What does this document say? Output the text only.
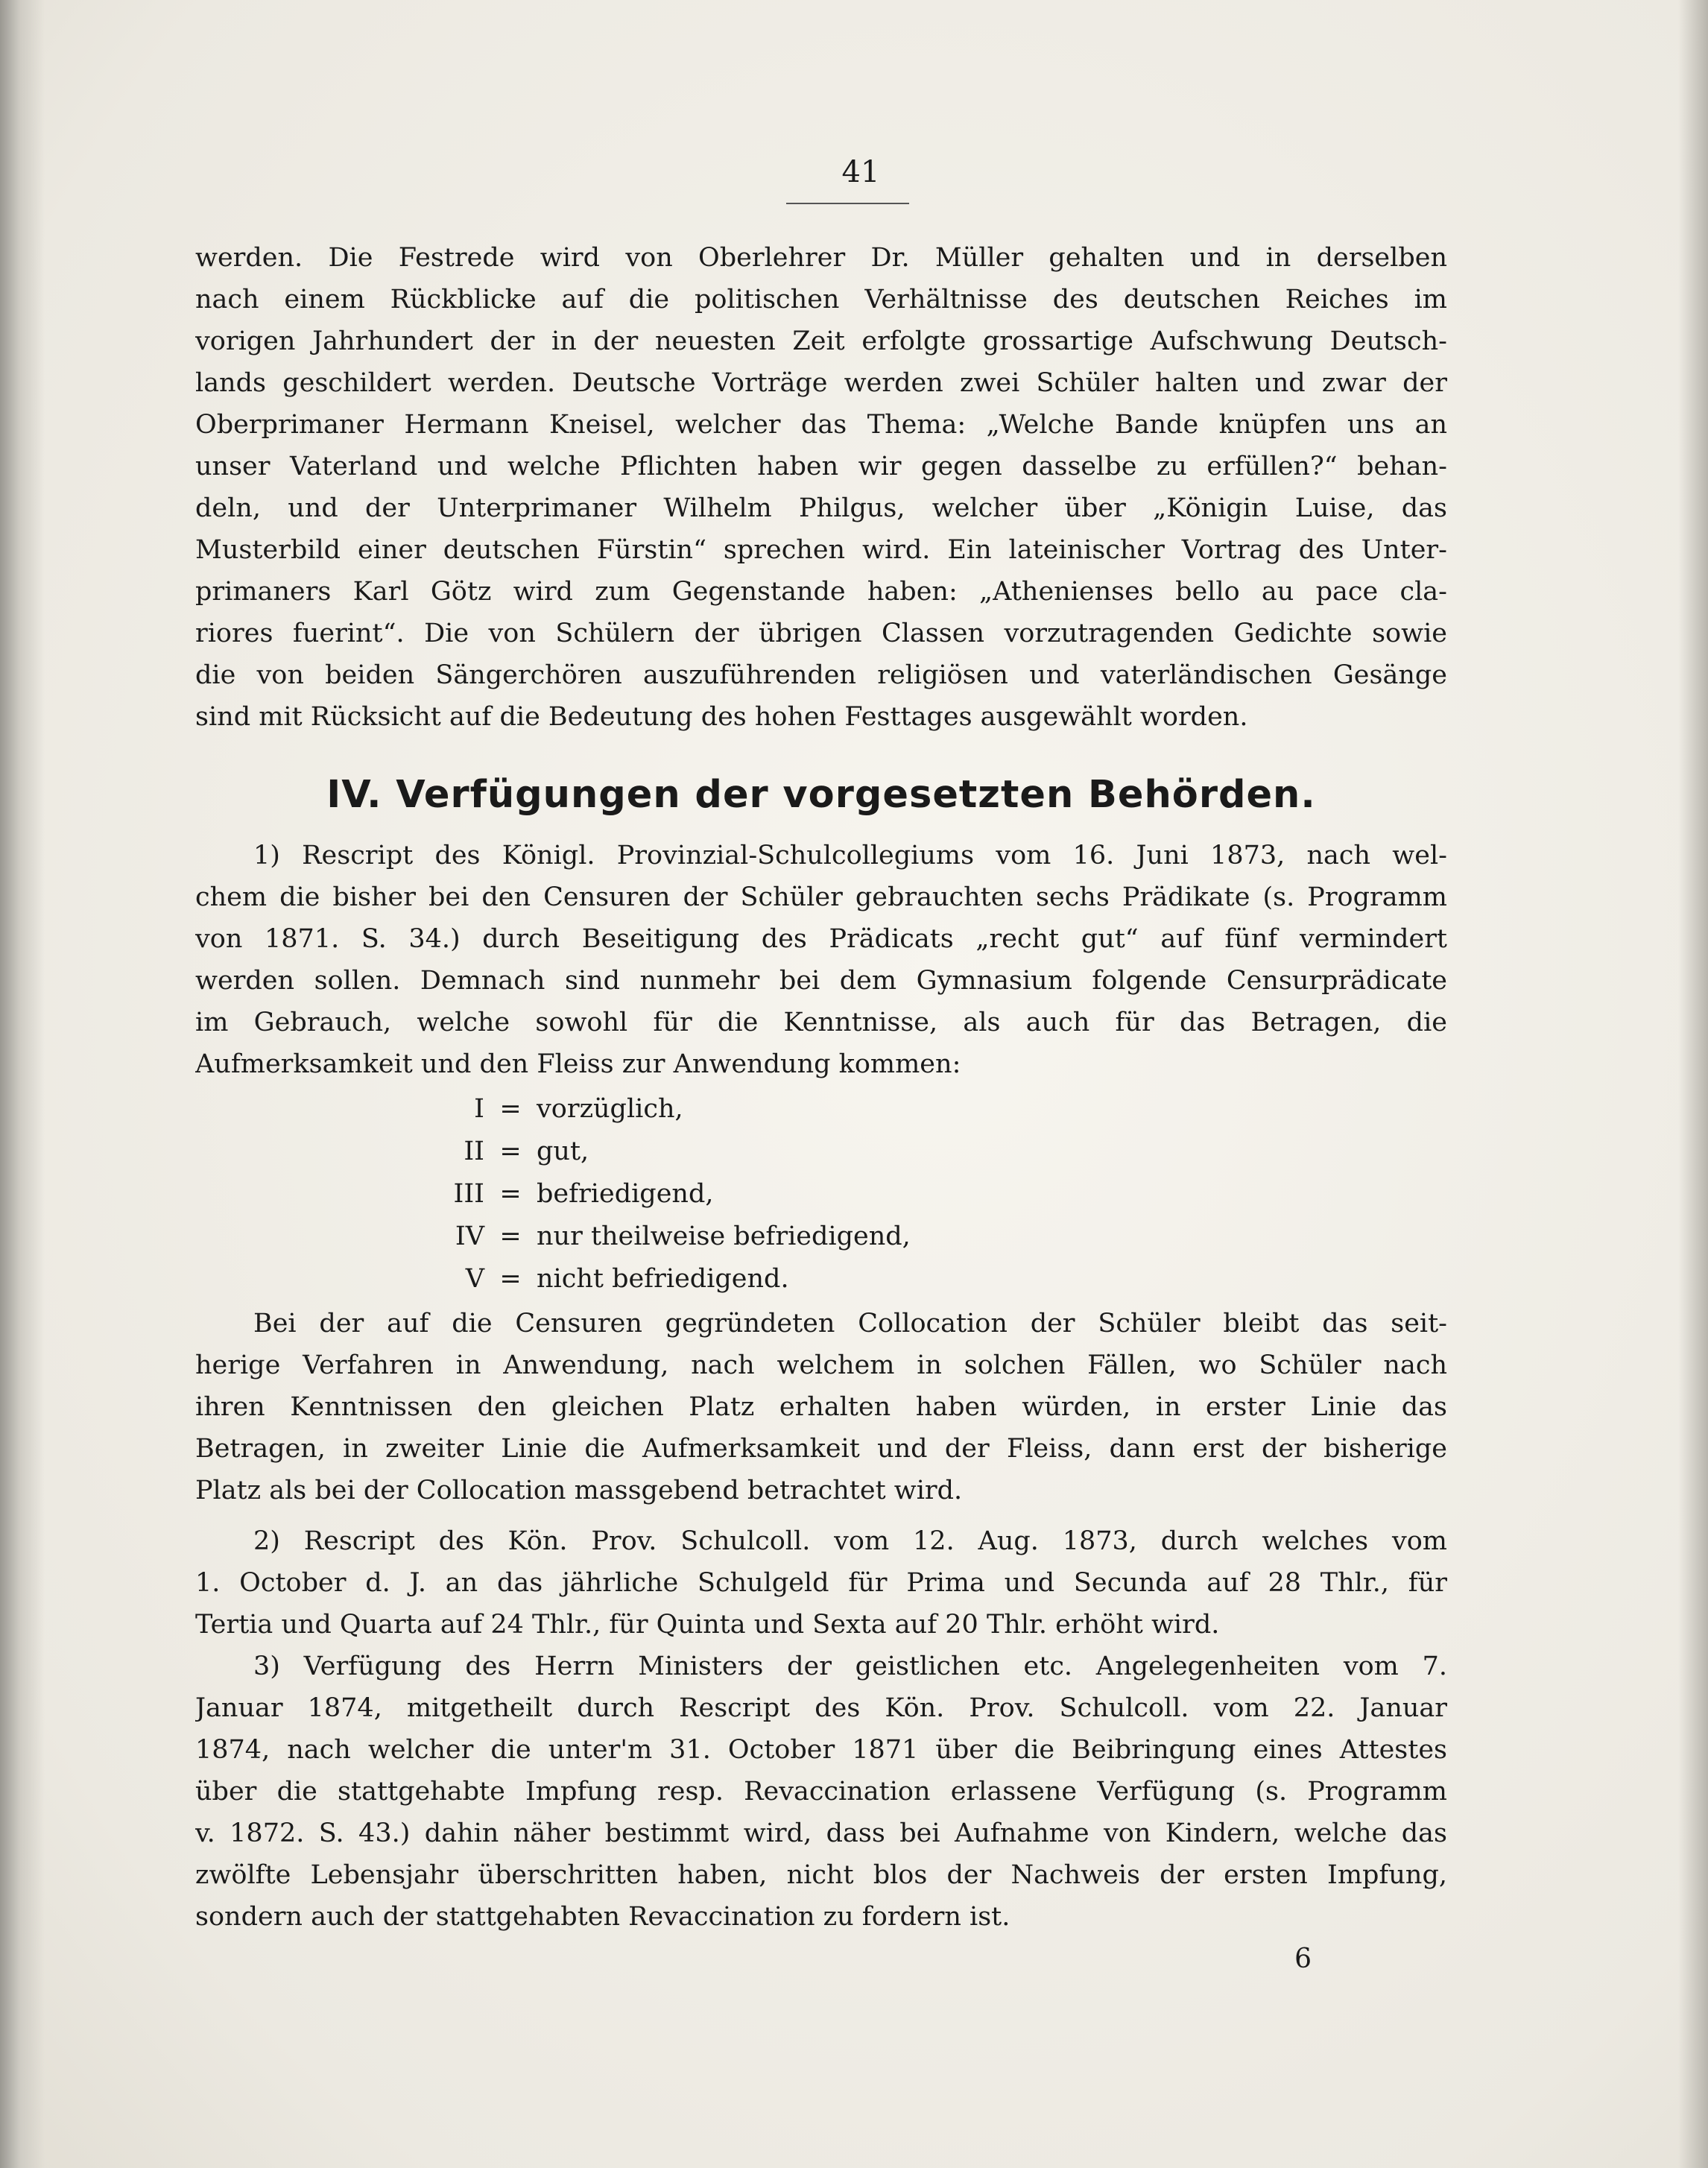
41
werden. Die Festrede wird von Oberlehrer Dr. Müller gehalten und in derselben
nach einem Rückblicke auf die politischen Verhältnisse des deutschen Reiches im
vorigen Jahrhundert der in der neuesten Zeit erfolgte grossartige Aufschwung Deutsch-
lands geschildert werden. Deutsche Vorträge werden zwei Schüler halten und zwar der
Oberprimaner Hermann Kneisel, welcher das Thema: „Welche Bande knüpfen uns an
unser Vaterland und welche Pflichten haben wir gegen dasselbe zu erfüllen?“ behan-
deln, und der Unterprimaner Wilhelm Philgus, welcher über „Königin Luise, das
Musterbild einer deutschen Fürstin“ sprechen wird. Ein lateinischer Vortrag des Unter-
primaners Karl Götz wird zum Gegenstande haben: „Athenienses bello au pace cla-
riores fuerint“. Die von Schülern der übrigen Classen vorzutragenden Gedichte sowie
die von beiden Sängerchören auszuführenden religiösen und vaterländischen Gesänge
sind mit Rücksicht auf die Bedeutung des hohen Festtages ausgewählt worden.
IV. Verfügungen der vorgesetzten Behörden.
1) Rescript des Königl. Provinzial-Schulcollegiums vom 16. Juni 1873, nach wel-
chem die bisher bei den Censuren der Schüler gebrauchten sechs Prädikate (s. Programm
von 1871. S. 34.) durch Beseitigung des Prädicats „recht gut“ auf fünf vermindert
werden sollen. Demnach sind nunmehr bei dem Gymnasium folgende Censurprädicate
im Gebrauch, welche sowohl für die Kenntnisse, als auch für das Betragen, die
Aufmerksamkeit und den Fleiss zur Anwendung kommen:
I = vorzüglich,
II = gut,
III = befriedigend,
IV = nur theilweise befriedigend,
V = nicht befriedigend.
Bei der auf die Censuren gegründeten Collocation der Schüler bleibt das seit-
herige Verfahren in Anwendung, nach welchem in solchen Fällen, wo Schüler nach
ihren Kenntnissen den gleichen Platz erhalten haben würden, in erster Linie das
Betragen, in zweiter Linie die Aufmerksamkeit und der Fleiss, dann erst der bisherige
Platz als bei der Collocation massgebend betrachtet wird.
2) Rescript des Kön. Prov. Schulcoll. vom 12. Aug. 1873, durch welches vom
1. October d. J. an das jährliche Schulgeld für Prima und Secunda auf 28 Thlr., für
Tertia und Quarta auf 24 Thlr., für Quinta und Sexta auf 20 Thlr. erhöht wird.
3) Verfügung des Herrn Ministers der geistlichen etc. Angelegenheiten vom 7.
Januar 1874, mitgetheilt durch Rescript des Kön. Prov. Schulcoll. vom 22. Januar
1874, nach welcher die unter'm 31. October 1871 über die Beibringung eines Attestes
über die stattgehabte Impfung resp. Revaccination erlassene Verfügung (s. Programm
v. 1872. S. 43.) dahin näher bestimmt wird, dass bei Aufnahme von Kindern, welche das
zwölfte Lebensjahr überschritten haben, nicht blos der Nachweis der ersten Impfung,
sondern auch der stattgehabten Revaccination zu fordern ist.
6
